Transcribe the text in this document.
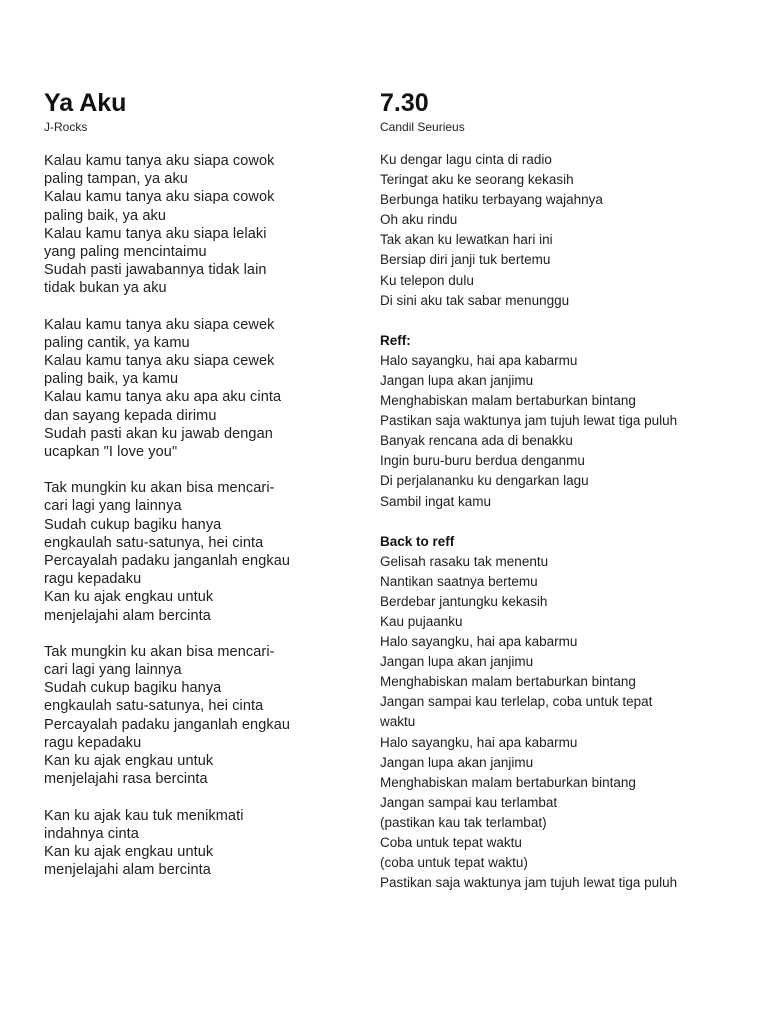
Ya Aku
J-Rocks
Kalau kamu tanya aku siapa cowok
paling tampan, ya aku
Kalau kamu tanya aku siapa cowok
paling baik, ya aku
Kalau kamu tanya aku siapa lelaki
yang paling mencintaimu
Sudah pasti jawabannya tidak lain
tidak bukan ya aku
Kalau kamu tanya aku siapa cewek
paling cantik, ya kamu
Kalau kamu tanya aku siapa cewek
paling baik, ya kamu
Kalau kamu tanya aku apa aku cinta
dan sayang kepada dirimu
Sudah pasti akan ku jawab dengan
ucapkan "I love you"
Tak mungkin ku akan bisa mencari-
cari lagi yang lainnya
Sudah cukup bagiku hanya
engkaulah satu-satunya, hei cinta
Percayalah padaku janganlah engkau
ragu kepadaku
Kan ku ajak engkau untuk
menjelajahi alam bercinta
Tak mungkin ku akan bisa mencari-
cari lagi yang lainnya
Sudah cukup bagiku hanya
engkaulah satu-satunya, hei cinta
Percayalah padaku janganlah engkau
ragu kepadaku
Kan ku ajak engkau untuk
menjelajahi rasa bercinta
Kan ku ajak kau tuk menikmati
indahnya cinta
Kan ku ajak engkau untuk
menjelajahi alam bercinta
7.30
Candil Seurieus
Ku dengar lagu cinta di radio
Teringat aku ke seorang kekasih
Berbunga hatiku terbayang wajahnya
Oh aku rindu
Tak akan ku lewatkan hari ini
Bersiap diri janji tuk bertemu
Ku telepon dulu
Di sini aku tak sabar menunggu
Reff:
Halo sayangku, hai apa kabarmu
Jangan lupa akan janjimu
Menghabiskan malam bertaburkan bintang
Pastikan saja waktunya jam tujuh lewat tiga puluh
Banyak rencana ada di benakku
Ingin buru-buru berdua denganmu
Di perjalananku ku dengarkan lagu
Sambil ingat kamu
Back to reff
Gelisah rasaku tak menentu
Nantikan saatnya bertemu
Berdebar jantungku kekasih
Kau pujaanku
Halo sayangku, hai apa kabarmu
Jangan lupa akan janjimu
Menghabiskan malam bertaburkan bintang
Jangan sampai kau terlelap, coba untuk tepat
waktu
Halo sayangku, hai apa kabarmu
Jangan lupa akan janjimu
Menghabiskan malam bertaburkan bintang
Jangan sampai kau terlambat
(pastikan kau tak terlambat)
Coba untuk tepat waktu
(coba untuk tepat waktu)
Pastikan saja waktunya jam tujuh lewat tiga puluh
